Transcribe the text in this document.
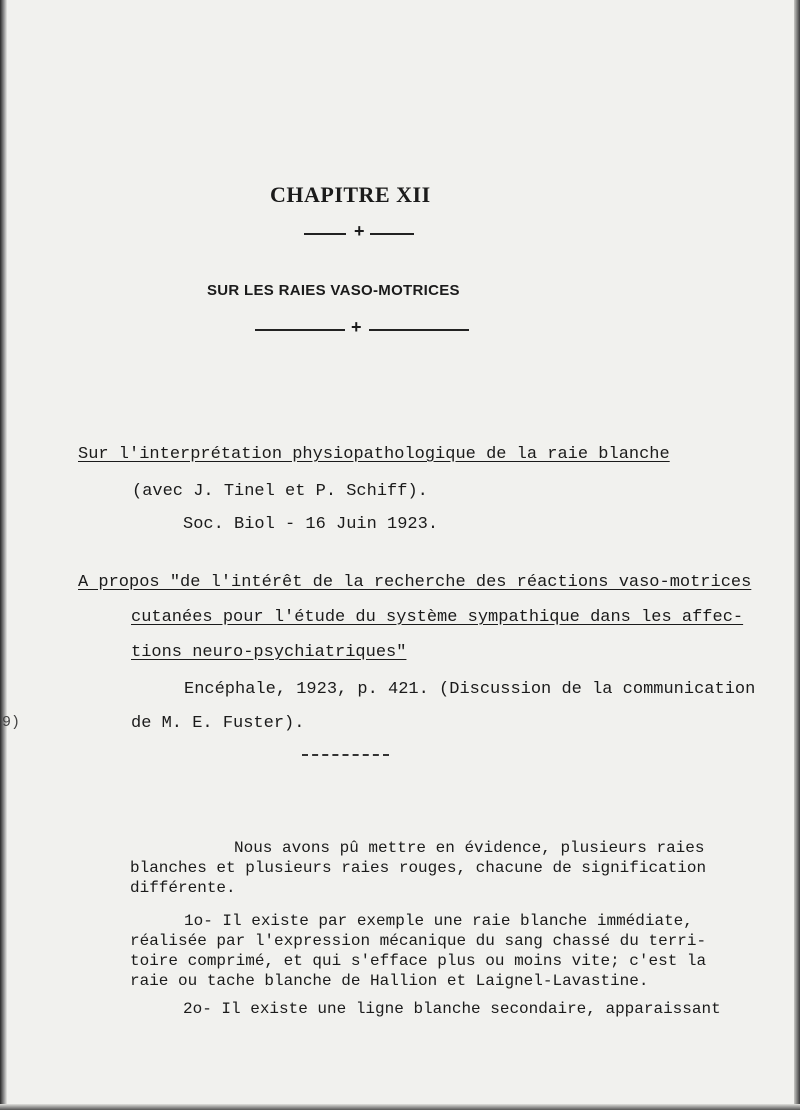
9)
CHAPITRE XII
+
SUR LES RAIES VASO-MOTRICES
+
Sur l'interprétation physiopathologique de la raie blanche
(avec J. Tinel et P. Schiff).
Soc. Biol - 16 Juin 1923.
A propos "de l'intérêt de la recherche des réactions vaso-motrices
cutanées pour l'étude du système sympathique dans les affec-
tions neuro-psychiatriques"
Encéphale, 1923, p. 421. (Discussion de la communication
de M. E. Fuster).
Nous avons pû mettre en évidence, plusieurs raies
blanches et plusieurs raies rouges, chacune de signification
différente.
1o- Il existe par exemple une raie blanche immédiate,
réalisée par l'expression mécanique du sang chassé du terri-
toire comprimé, et qui s'efface plus ou moins vite; c'est la
raie ou tache blanche de Hallion et Laignel-Lavastine.
2o- Il existe une ligne blanche secondaire, apparaissant
